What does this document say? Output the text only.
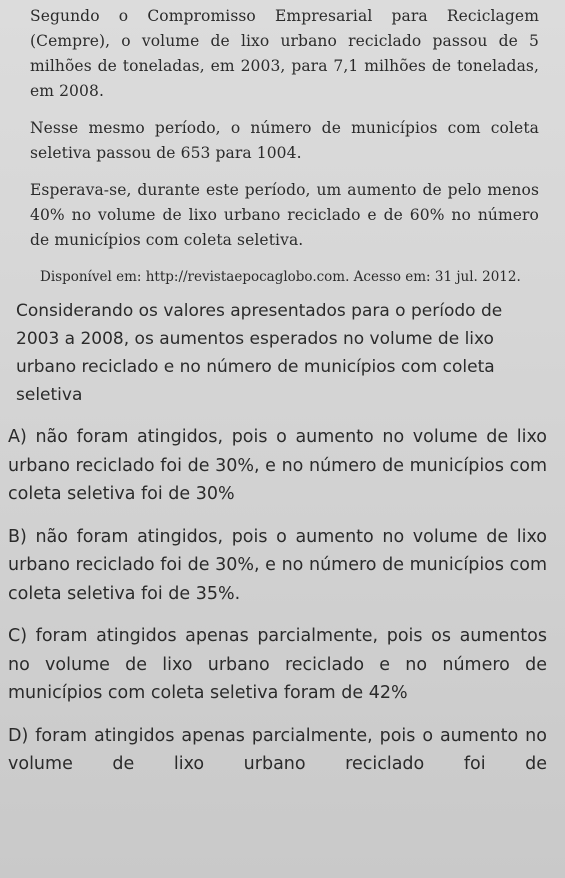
Segundo o Compromisso Empresarial para Reciclagem (Cempre), o volume de lixo urbano reciclado passou de 5 milhões de toneladas, em 2003, para 7,1 milhões de toneladas, em 2008.

Nesse mesmo período, o número de municípios com coleta seletiva passou de 653 para 1004.

Esperava-se, durante este período, um aumento de pelo menos 40% no volume de lixo urbano reciclado e de 60% no número de municípios com coleta seletiva.

Disponível em: http://revistaepocaglobo.com. Acesso em: 31 jul. 2012.

Considerando os valores apresentados para o período de 2003 a 2008, os aumentos esperados no volume de lixo urbano reciclado e no número de municípios com coleta seletiva

A) não foram atingidos, pois o aumento no volume de lixo urbano reciclado foi de 30%, e no número de municípios com coleta seletiva foi de 30%

B) não foram atingidos, pois o aumento no volume de lixo urbano reciclado foi de 30%, e no número de municípios com coleta seletiva foi de 35%.

C) foram atingidos apenas parcialmente, pois os aumentos no volume de lixo urbano reciclado e no número de municípios com coleta seletiva foram de 42%

D) foram atingidos apenas parcialmente, pois o aumento no volume de lixo urbano reciclado foi de
